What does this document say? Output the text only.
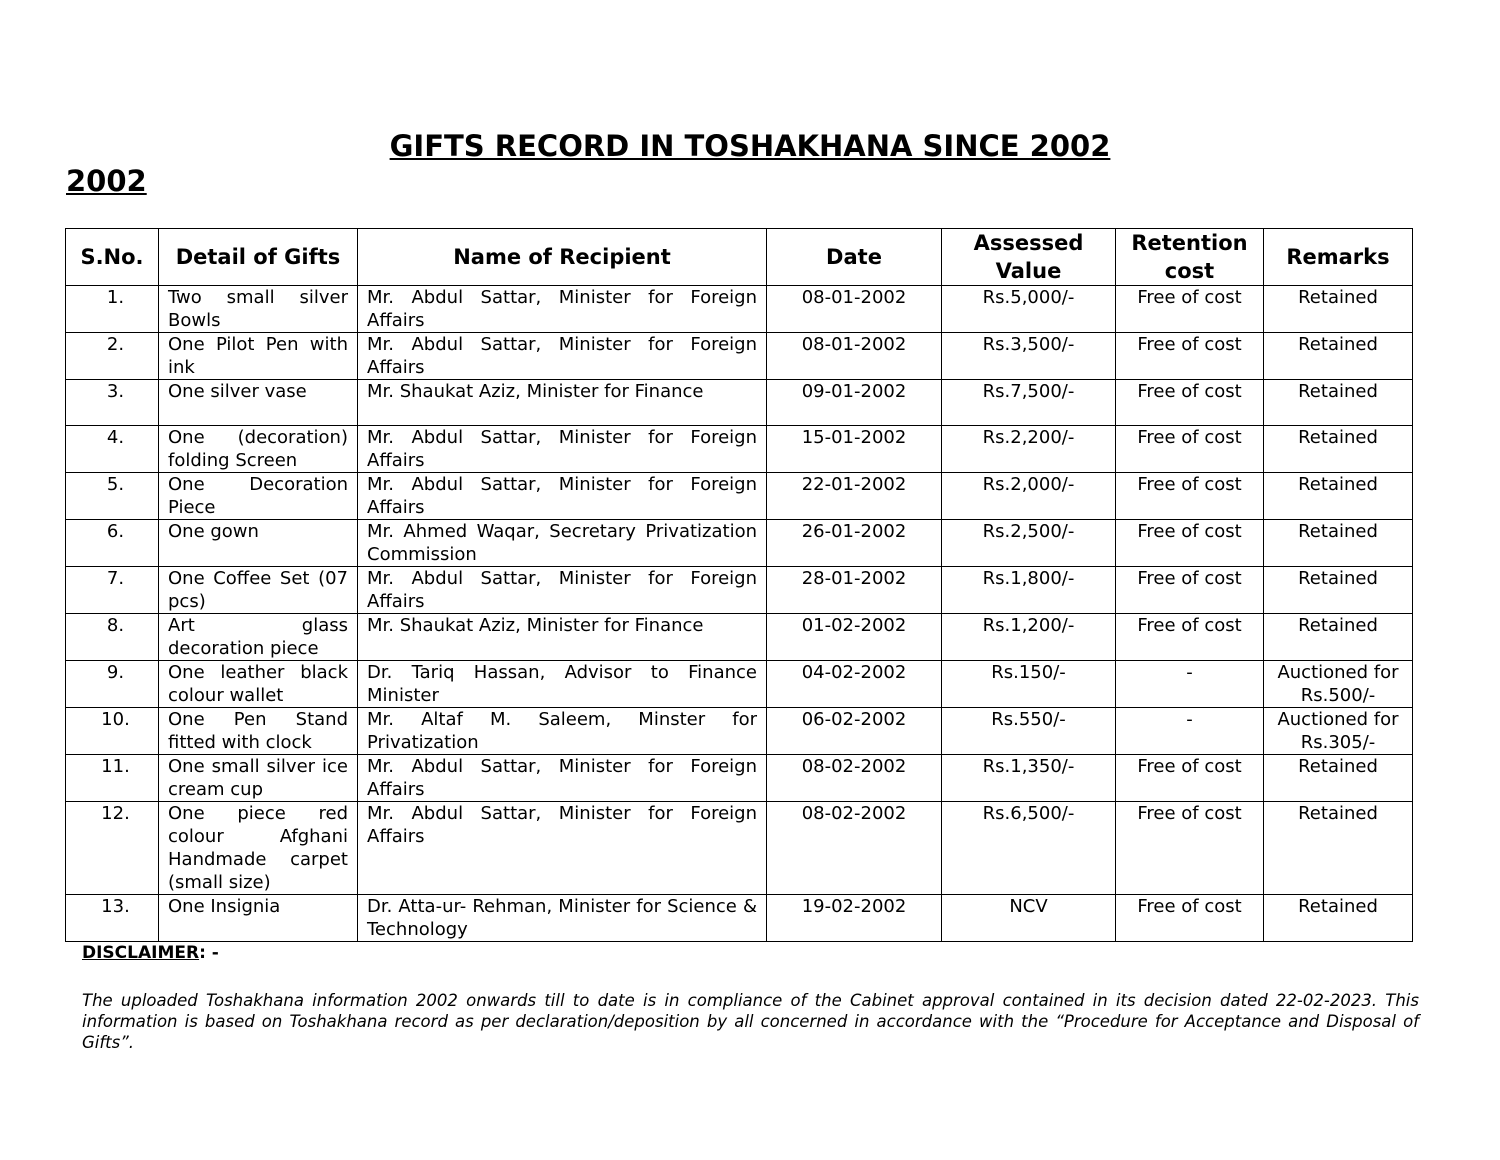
GIFTS RECORD IN TOSHAKHANA SINCE 2002
2002
S.No.	Detail of Gifts	Name of Recipient	Date	Assessed Value	Retention cost	Remarks
1.	Two small silver Bowls	Mr. Abdul Sattar, Minister for Foreign Affairs	08-01-2002	Rs.5,000/-	Free of cost	Retained
2.	One Pilot Pen with ink	Mr. Abdul Sattar, Minister for Foreign Affairs	08-01-2002	Rs.3,500/-	Free of cost	Retained
3.	One silver vase	Mr. Shaukat Aziz, Minister for Finance	09-01-2002	Rs.7,500/-	Free of cost	Retained
4.	One (decoration) folding Screen	Mr. Abdul Sattar, Minister for Foreign Affairs	15-01-2002	Rs.2,200/-	Free of cost	Retained
5.	One Decoration Piece	Mr. Abdul Sattar, Minister for Foreign Affairs	22-01-2002	Rs.2,000/-	Free of cost	Retained
6.	One gown	Mr. Ahmed Waqar, Secretary Privatization Commission	26-01-2002	Rs.2,500/-	Free of cost	Retained
7.	One Coffee Set (07 pcs)	Mr. Abdul Sattar, Minister for Foreign Affairs	28-01-2002	Rs.1,800/-	Free of cost	Retained
8.	Art glass decoration piece	Mr. Shaukat Aziz, Minister for Finance	01-02-2002	Rs.1,200/-	Free of cost	Retained
9.	One leather black colour wallet	Dr. Tariq Hassan, Advisor to Finance Minister	04-02-2002	Rs.150/-	-	Auctioned for Rs.500/-
10.	One Pen Stand fitted with clock	Mr. Altaf M. Saleem, Minster for Privatization	06-02-2002	Rs.550/-	-	Auctioned for Rs.305/-
11.	One small silver ice cream cup	Mr. Abdul Sattar, Minister for Foreign Affairs	08-02-2002	Rs.1,350/-	Free of cost	Retained
12.	One piece red colour Afghani Handmade carpet (small size)	Mr. Abdul Sattar, Minister for Foreign Affairs	08-02-2002	Rs.6,500/-	Free of cost	Retained
13.	One Insignia	Dr. Atta-ur- Rehman, Minister for Science & Technology	19-02-2002	NCV	Free of cost	Retained
DISCLAIMER: -

The uploaded Toshakhana information 2002 onwards till to date is in compliance of the Cabinet approval contained in its decision dated 22-02-2023. This information is based on Toshakhana record as per declaration/deposition by all concerned in accordance with the “Procedure for Acceptance and Disposal of Gifts”.
